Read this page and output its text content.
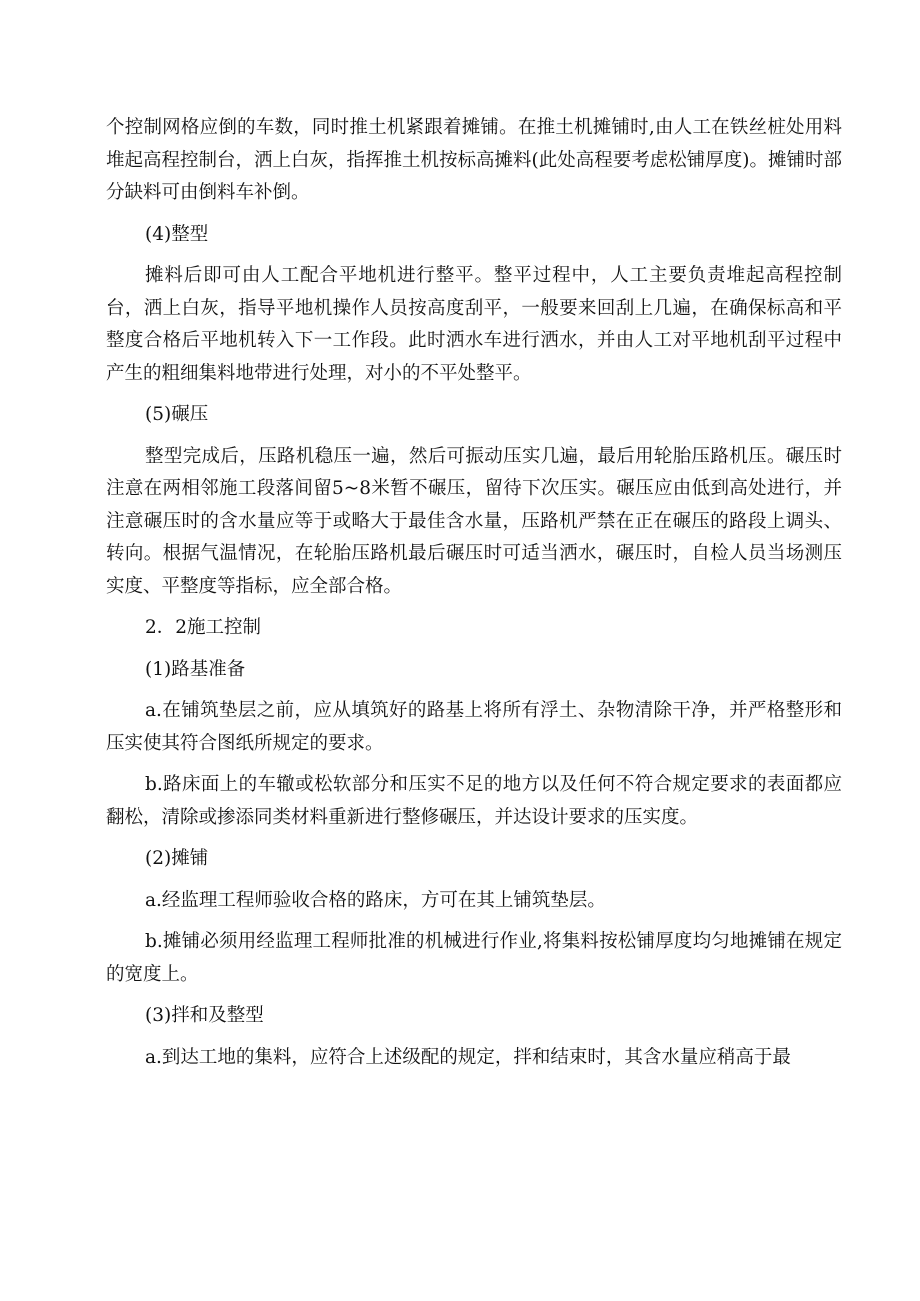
个控制网格应倒的车数，同时推土机紧跟着摊铺。在推土机摊铺时,由人工在铁丝桩处用料堆起高程控制台，洒上白灰，指挥推土机按标高摊料(此处高程要考虑松铺厚度)。摊铺时部分缺料可由倒料车补倒。

(4)整型

摊料后即可由人工配合平地机进行整平。整平过程中，人工主要负责堆起高程控制台，洒上白灰，指导平地机操作人员按高度刮平，一般要来回刮上几遍，在确保标高和平整度合格后平地机转入下一工作段。此时洒水车进行洒水，并由人工对平地机刮平过程中产生的粗细集料地带进行处理，对小的不平处整平。

(5)碾压

整型完成后，压路机稳压一遍，然后可振动压实几遍，最后用轮胎压路机压。碾压时注意在两相邻施工段落间留5~8米暂不碾压，留待下次压实。碾压应由低到高处进行，并注意碾压时的含水量应等于或略大于最佳含水量，压路机严禁在正在碾压的路段上调头、转向。根据气温情况，在轮胎压路机最后碾压时可适当洒水，碾压时，自检人员当场测压实度、平整度等指标，应全部合格。

2．2施工控制

(1)路基准备

a.在铺筑垫层之前，应从填筑好的路基上将所有浮土、杂物清除干净，并严格整形和压实使其符合图纸所规定的要求。

b.路床面上的车辙或松软部分和压实不足的地方以及任何不符合规定要求的表面都应翻松，清除或掺添同类材料重新进行整修碾压，并达设计要求的压实度。

(2)摊铺

a.经监理工程师验收合格的路床，方可在其上铺筑垫层。

b.摊铺必须用经监理工程师批准的机械进行作业,将集料按松铺厚度均匀地摊铺在规定的宽度上。

(3)拌和及整型

a.到达工地的集料，应符合上述级配的规定，拌和结束时，其含水量应稍高于最
